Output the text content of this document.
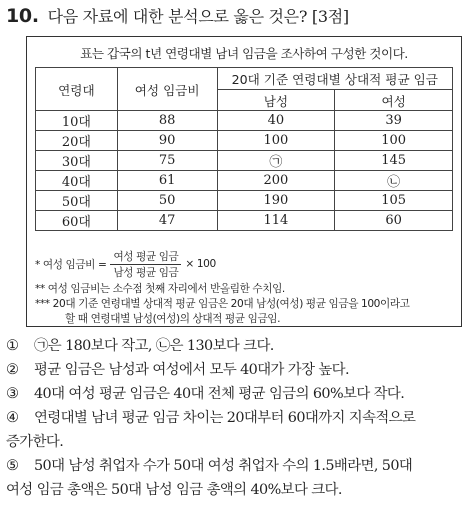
10. 다음 자료에 대한 분석으로 옳은 것은? [3점]
표는 갑국의 t년 연령대별 남녀 임금을 조사하여 구성한 것이다.
연령대	여성 임금비	20대 기준 연령대별 상대적 평균 임금	
		남성	여성
10대	88	40	39
20대	90	100	100
30대	75	㉠	145
40대	61	200	㉡
50대	50	190	105
60대	47	114	60
* 여성 임금비 = $\frac{\text{여성 평균 임금}}{\text{남성 평균 임금}} \times 100$
** 여성 임금비는 소수점 첫째 자리에서 반올림한 수치임.
*** 20대 기준 연령대별 상대적 평균 임금은 20대 남성(여성) 평균 임금을 100이라고
할 때 연령대별 남성(여성)의 상대적 평균 임금임.
①	㉠은 180보다 작고, ㉡은 130보다 크다.
②	평균 임금은 남성과 여성에서 모두 40대가 가장 높다.
③	40대 여성 평균 임금은 40대 전체 평균 임금의 60%보다 작다.
④	연령대별 남녀 평균 임금 차이는 20대부터 60대까지 지속적으로
증가한다.
⑤	50대 남성 취업자 수가 50대 여성 취업자 수의 1.5배라면, 50대
여성 임금 총액은 50대 남성 임금 총액의 40%보다 크다.
